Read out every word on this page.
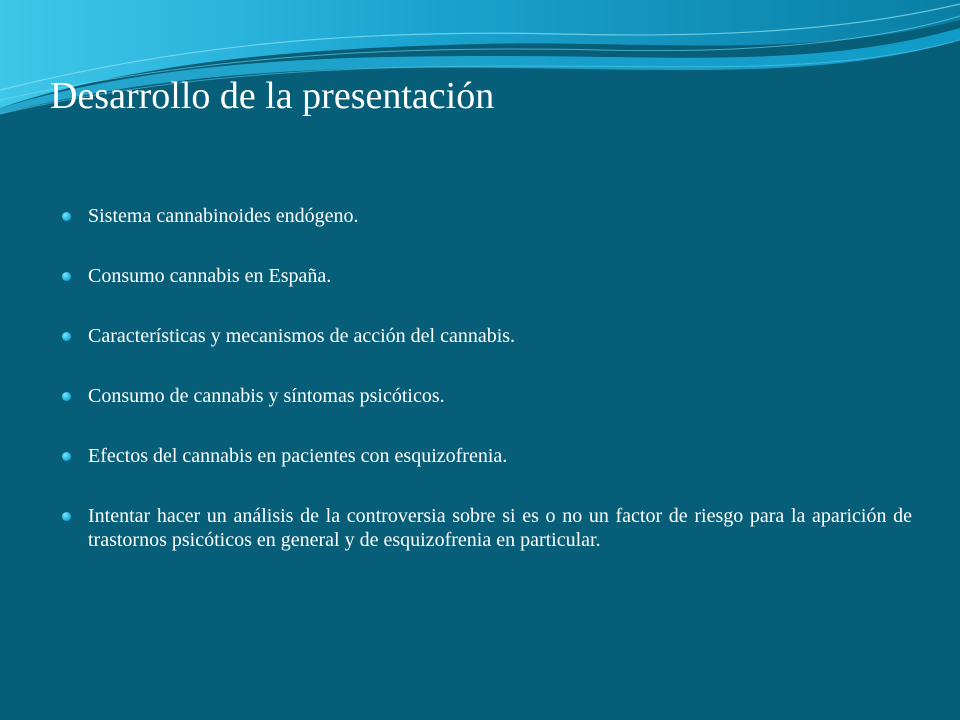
Desarrollo de la presentación
Sistema cannabinoides endógeno.
Consumo cannabis en España.
Características y mecanismos de acción del cannabis.
Consumo de cannabis y síntomas psicóticos.
Efectos del cannabis en pacientes con esquizofrenia.
Intentar hacer un análisis de la controversia sobre si es o no un factor de riesgo para la aparición de trastornos psicóticos en general y de esquizofrenia en particular.
